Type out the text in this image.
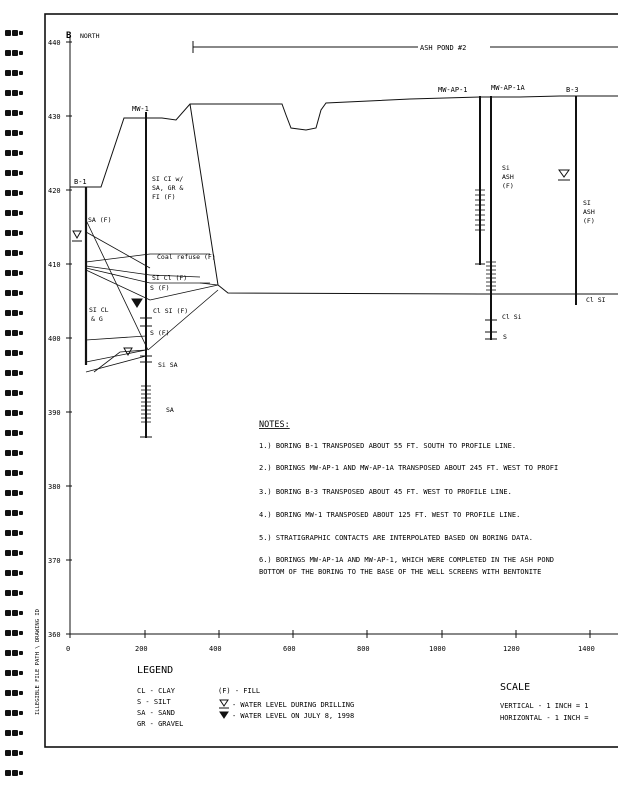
440
430
420
410
400
390
380
370
360
0	200	400	600	800	1000	1200	1400
B NORTH
ASH POND #2
B-1
MW-1
MW-AP-1	MW-AP-1A	B-3
SA (F)
SI CL & G
SI CI w/ SA, GR & FI (F)
Coal refuse (F)
SI Cl (F)
S (F)
Cl SI (F)
S (F)
Si SA
SA
Si ASH (F)
Cl Si
S
SI ASH (F)
Cl SI
NOTES:
1.) BORING B-1 TRANSPOSED ABOUT 55 FT. SOUTH TO PROFILE LINE.
2.) BORINGS MW-AP-1 AND MW-AP-1A TRANSPOSED ABOUT 245 FT. WEST TO PROFI
3.) BORING B-3 TRANSPOSED ABOUT 45 FT. WEST TO PROFILE LINE.
4.) BORING MW-1 TRANSPOSED ABOUT 125 FT. WEST TO PROFILE LINE.
5.) STRATIGRAPHIC CONTACTS ARE INTERPOLATED BASED ON BORING DATA.
6.) BORINGS MW-AP-1A AND MW-AP-1, WHICH WERE COMPLETED IN THE ASH POND
BOTTOM OF THE BORING TO THE BASE OF THE WELL SCREENS WITH BENTONITE
LEGEND
CL - CLAY
S - SILT
SA - SAND
GR - GRAVEL
(F) - FILL
- WATER LEVEL DURING DRILLING
- WATER LEVEL ON JULY 8, 1998
SCALE
VERTICAL - 1 INCH = 1
HORIZONTAL - 1 INCH =
ILLEGIBLE FILE PATH \ DRAWING ID
